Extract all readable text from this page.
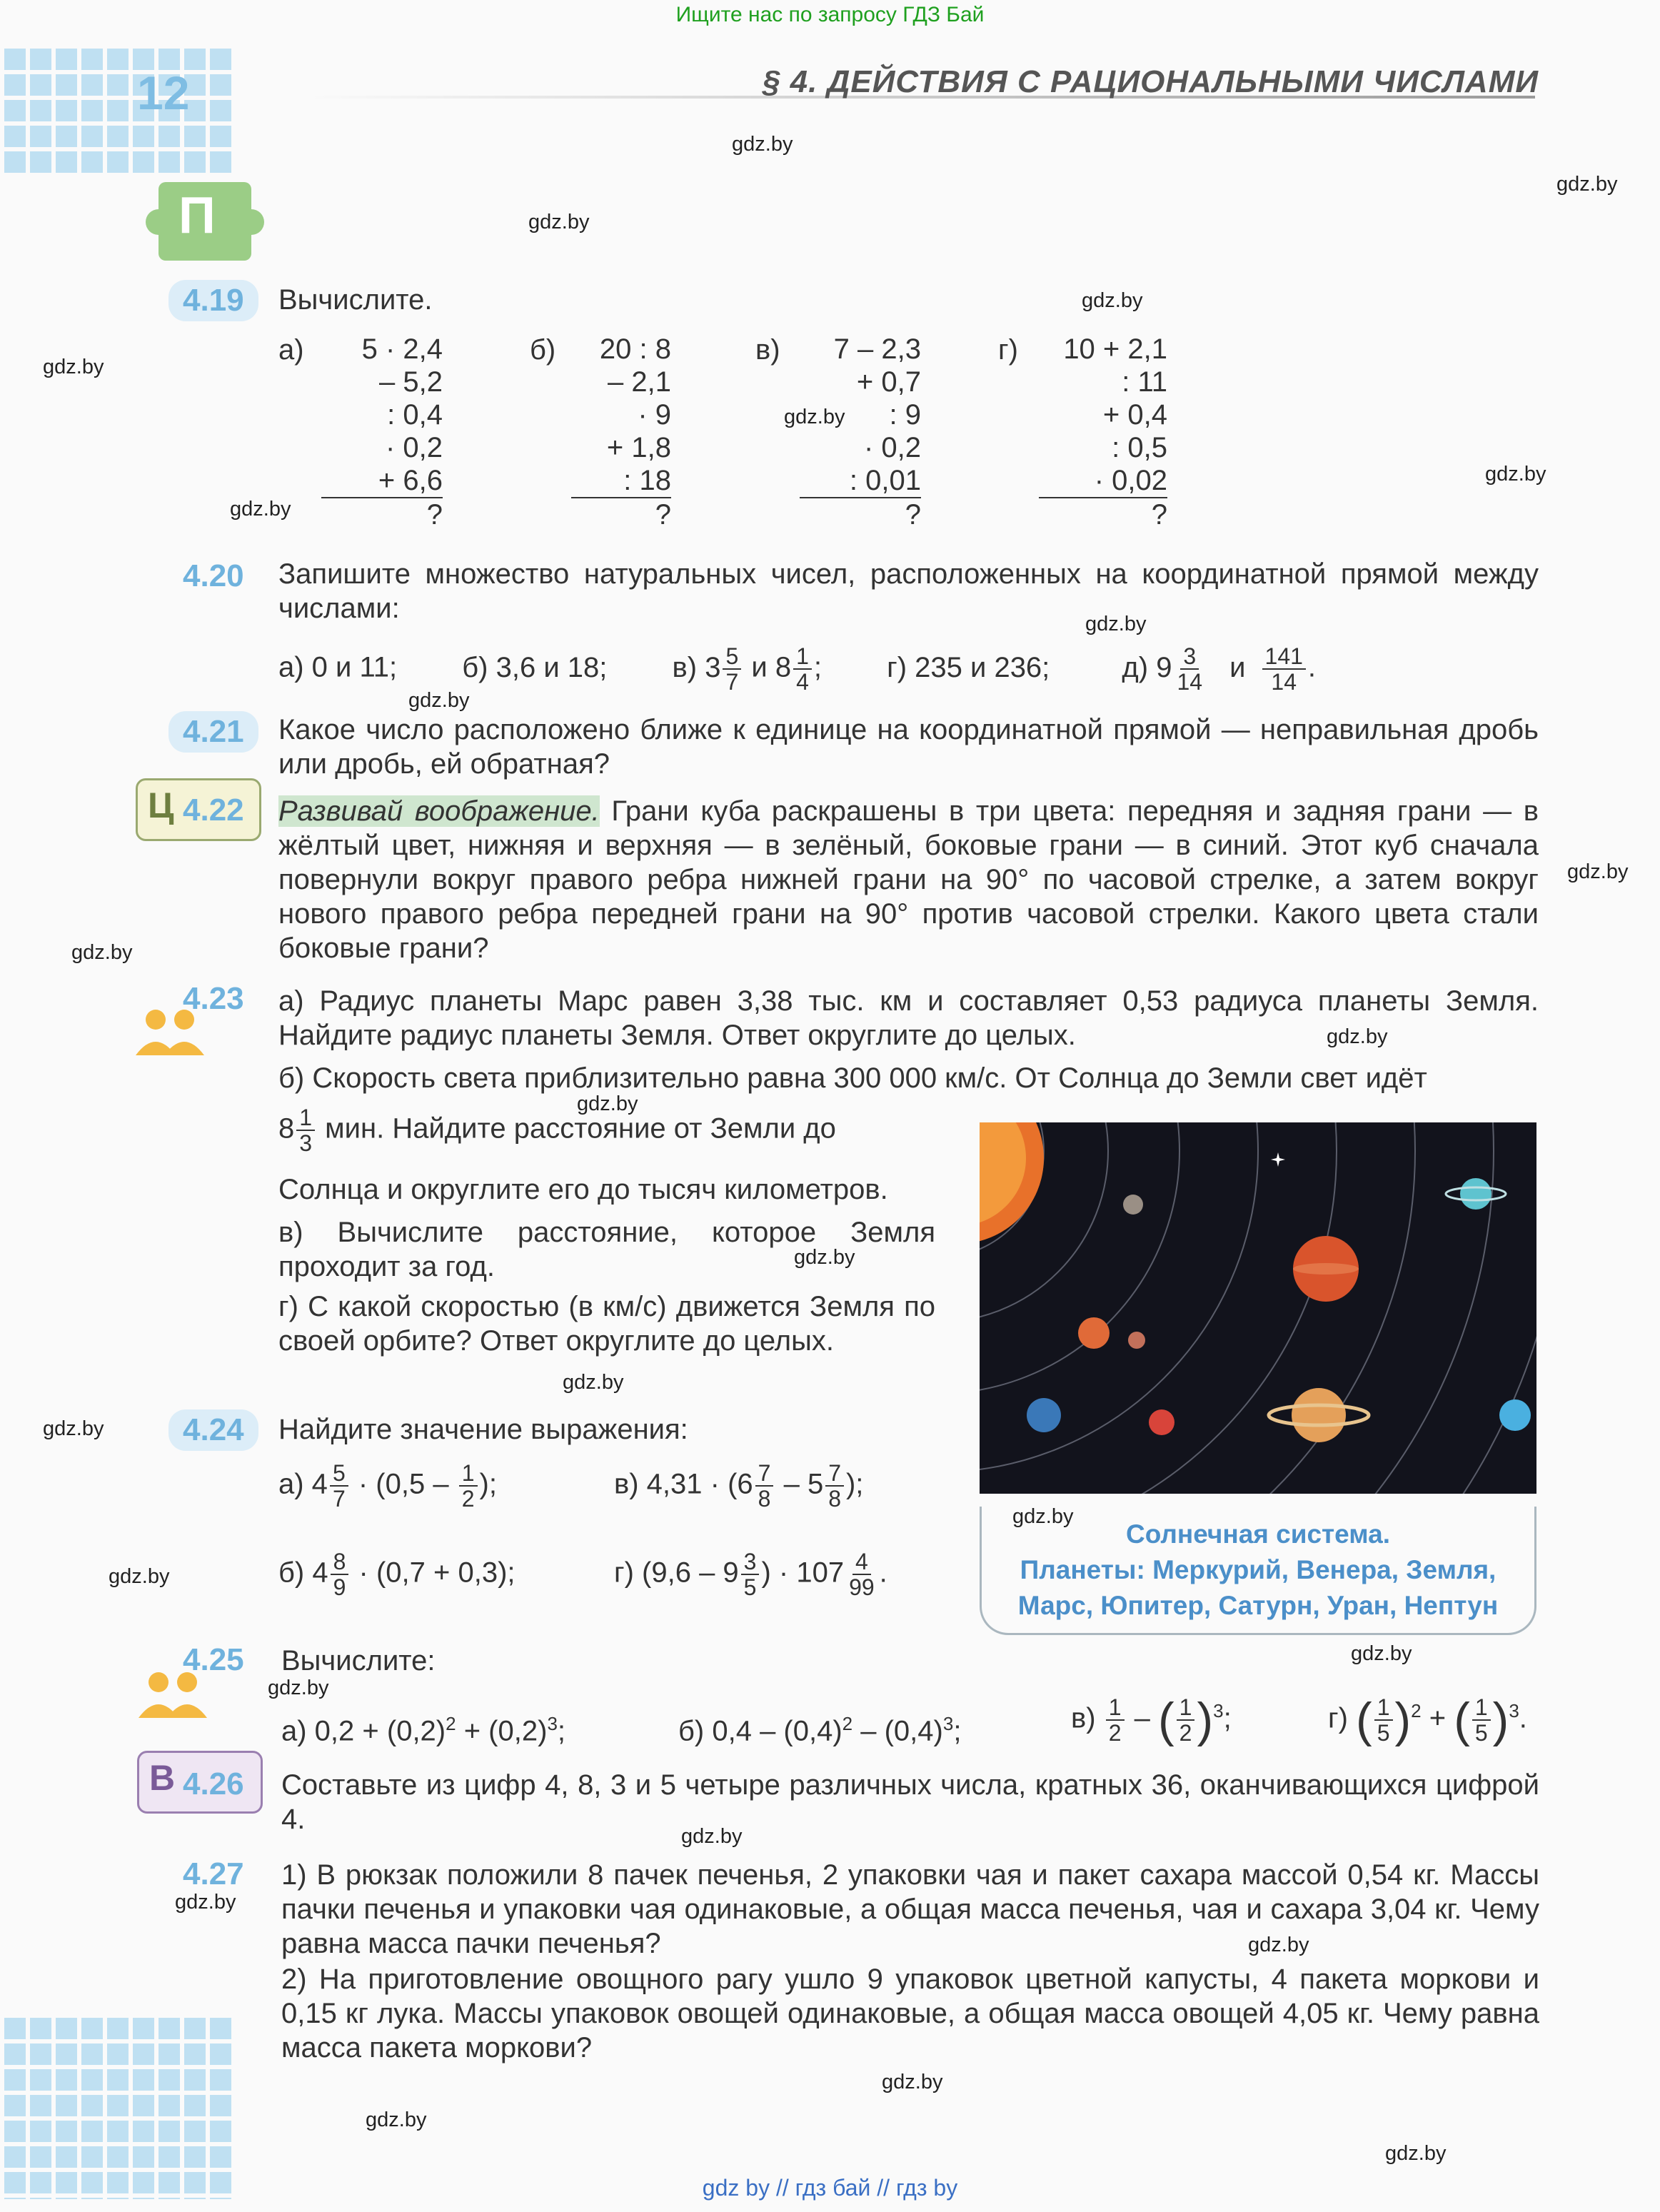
Ищите нас по запросу ГДЗ Бай
12	§ 4. ДЕЙСТВИЯ С РАЦИОНАЛЬНЫМИ ЧИСЛАМИ
П
gdz.by
gdz.by
gdz.by
gdz.by
gdz.by
gdz.by
gdz.by
gdz.by
gdz.by
gdz.by
gdz.by
gdz.by
gdz.by
gdz.by
gdz.by
gdz.by
gdz.by
gdz.by
gdz.by
gdz.by
gdz.by
gdz.by
gdz.by
gdz.by
gdz.by
gdz.by
gdz.by
4.19	Вычислите.
а)	5 · 2,4
– 5,2
: 0,4
· 0,2
+ 6,6
?
б)	20 : 8
– 2,1
· 9
+ 1,8
: 18
?
в)	7 – 2,3
+ 0,7
: 9
· 0,2
: 0,01
?
г)	10 + 2,1
: 11
+ 0,4
: 0,5
· 0,02
?
4.20 Запишите множество натуральных чисел, расположенных на координатной прямой между числами:
а) 0 и 11; б) 3,6 и 18; в) $3 \frac{5}{7}$ и $8 \frac{1}{4}$ ; г) 235 и 236;	д) $9 \frac{3}{14}$ и $\frac{141}{14}$ .
4.21	Какое число расположено ближе к единице на координатной прямой — неправильная дробь или дробь, ей обратная?
Ц 4.22 Развивай воображение. Грани куба раскрашены в три цвета: передняя и задняя грани — в жёлтый цвет, нижняя и верхняя — в зелёный, боковые грани — в синий. Этот куб сначала повернули вокруг правого ребра нижней грани на 90° по часовой стрелке, а затем вокруг нового правого ребра передней грани на 90° против часовой стрелки. Какого цвета стали боковые грани?
4.23 а) Радиус планеты Марс равен 3,38 тыс. км и составляет 0,53 радиуса планеты Земля. Найдите радиус планеты Земля. Ответ округлите до целых.
б) Скорость света приблизительно равна 300 000 км/с. От Солнца до Земли свет идёт
$8 \frac{1}{3}$ мин. Найдите расстояние от Земли до
Солнца и округлите его до тысяч километров.
в) Вычислите расстояние, которое Земля проходит за год.
г) С какой скоростью (в км/с) движется Земля по своей орбите? Ответ округлите до целых.
Солнечная система.
Планеты: Меркурий, Венера, Земля,
Марс, Юпитер, Сатурн, Уран, Нептун
4.24	Найдите значение выражения:
а) $4 \frac{5}{7} \cdot (0,5 - \frac{1}{2}$ );	в) $4,31 \cdot (6 \frac{7}{8} - 5 \frac{7}{8}$ );
б) $4 \frac{8}{9} \cdot (0,7 + 0,3)$;	г) ($9,6 - 9 \frac{3}{5}$ ) · $107 \frac{4}{99}$ .
4.25 Вычислите:
а) $0,2 + (0,2)^2 + (0,2)^3$;	б) $0,4 - (0,4)^2 - (0,4)^3$;	$в) \frac{1}{2}$ – ( $\frac{1}{2} )^3$;	г) ( $\frac{1}{5} )^2$ + ( $\frac{1}{5} )^3$.
В 4.26 Составьте из цифр 4, 8, 3 и 5 четыре различных числа, кратных 36, оканчивающихся цифрой 4.
4.27 1) В рюкзак положили 8 пачек печенья, 2 упаковки чая и пакет сахара массой 0,54 кг. Массы пачки печенья и упаковки чая одинаковые, а общая масса печенья, чая и сахара 3,04 кг. Чему равна масса пачки печенья?
2) На приготовление овощного рагу ушло 9 упаковок цветной капусты, 4 пакета моркови и 0,15 кг лука. Массы упаковок овощей одинаковые, а общая масса овощей 4,05 кг. Чему равна масса пакета моркови?
gdz by // гдз бай // гдз by
